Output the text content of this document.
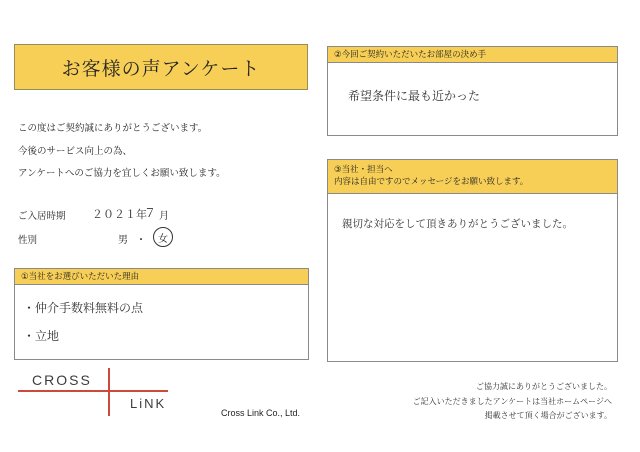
お客様の声アンケート
この度はご契約誠にありがとうございます。
今後のサービス向上の為、
アンケートへのご協力を宜しくお願い致します。
ご入居時期 ２０２１年
７ 月
性別	男 ・ 女
①当社をお選びいただいた理由
・仲介手数料無料の点
・立地
②今回ご契約いただいたお部屋の決め手
希望条件に最も近かった
③当社・担当へ
内容は自由ですのでメッセージをお願い致します。
親切な対応をして頂きありがとうございました。
CROSS
LiNK
Cross Link Co., Ltd.
ご協力誠にありがとうございました。
ご記入いただきましたアンケートは当社ホームページへ
掲載させて頂く場合がございます。
